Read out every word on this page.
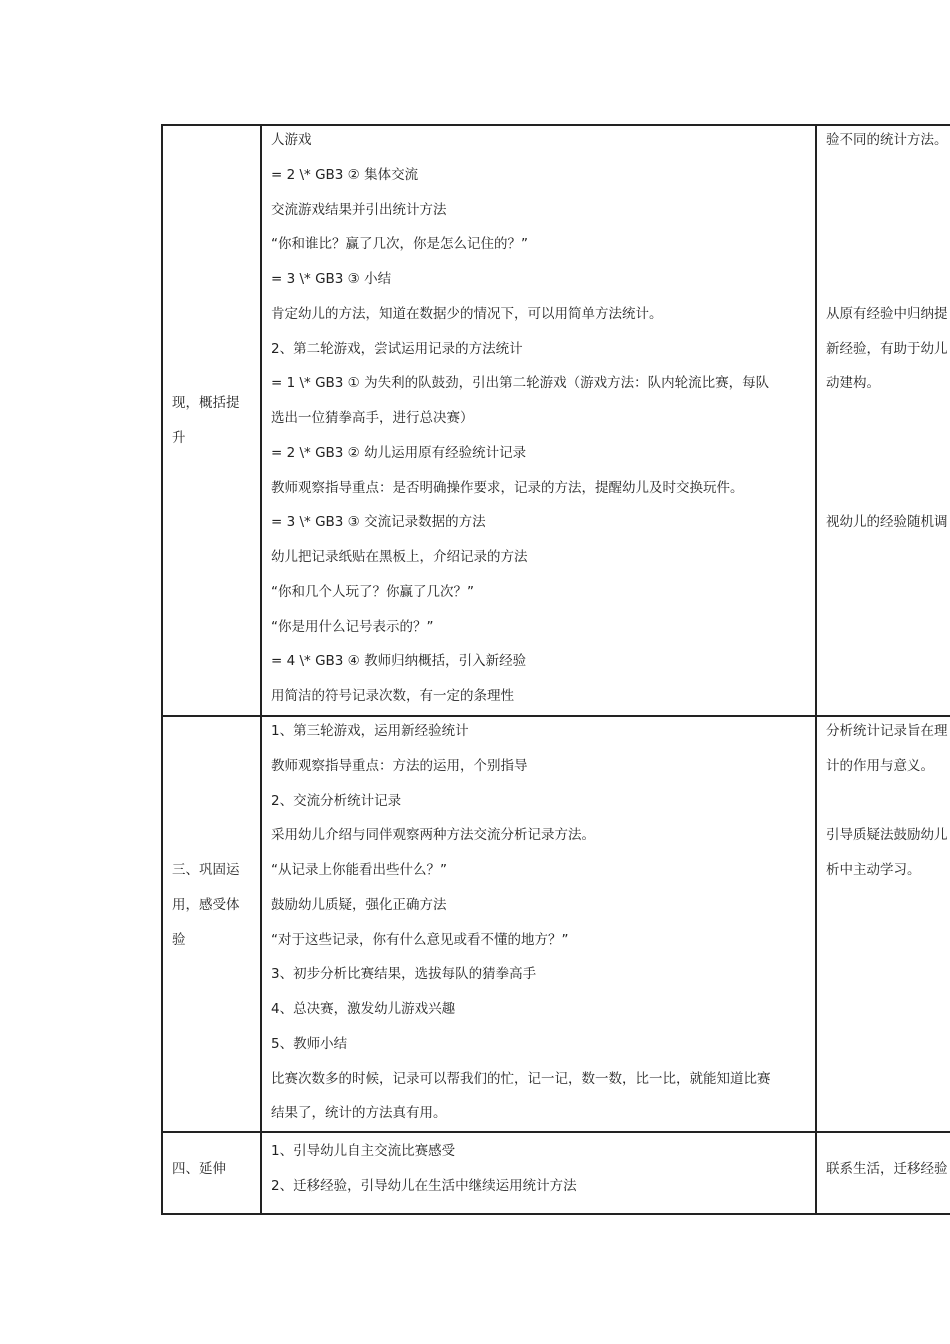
现，概括提
升
人游戏
= 2 \* GB3 ② 集体交流
交流游戏结果并引出统计方法
“你和谁比？赢了几次，你是怎么记住的？”
= 3 \* GB3 ③ 小结
肯定幼儿的方法，知道在数据少的情况下，可以用简单方法统计。
2、第二轮游戏，尝试运用记录的方法统计
= 1 \* GB3 ① 为失利的队鼓劲，引出第二轮游戏（游戏方法：队内轮流比赛，每队
选出一位猜拳高手，进行总决赛）
= 2 \* GB3 ② 幼儿运用原有经验统计记录
教师观察指导重点：是否明确操作要求，记录的方法，提醒幼儿及时交换玩件。
= 3 \* GB3 ③ 交流记录数据的方法
幼儿把记录纸贴在黑板上，介绍记录的方法
“你和几个人玩了？你赢了几次？”
“你是用什么记号表示的？”
= 4 \* GB3 ④ 教师归纳概括，引入新经验
用简洁的符号记录次数，有一定的条理性
验不同的统计方法。
从原有经验中归纳提
新经验，有助于幼儿
动建构。
视幼儿的经验随机调
三、巩固运
用，感受体
验
1、第三轮游戏，运用新经验统计
教师观察指导重点：方法的运用，个别指导
2、交流分析统计记录
采用幼儿介绍与同伴观察两种方法交流分析记录方法。
“从记录上你能看出些什么？”
鼓励幼儿质疑，强化正确方法
“对于这些记录，你有什么意见或看不懂的地方？”
3、初步分析比赛结果，选拔每队的猜拳高手
4、总决赛，激发幼儿游戏兴趣
5、教师小结
比赛次数多的时候，记录可以帮我们的忙，记一记，数一数，比一比，就能知道比赛
结果了，统计的方法真有用。
分析统计记录旨在理
计的作用与意义。
引导质疑法鼓励幼儿
析中主动学习。
四、延伸
1、引导幼儿自主交流比赛感受
2、迁移经验，引导幼儿在生活中继续运用统计方法
联系生活，迁移经验
